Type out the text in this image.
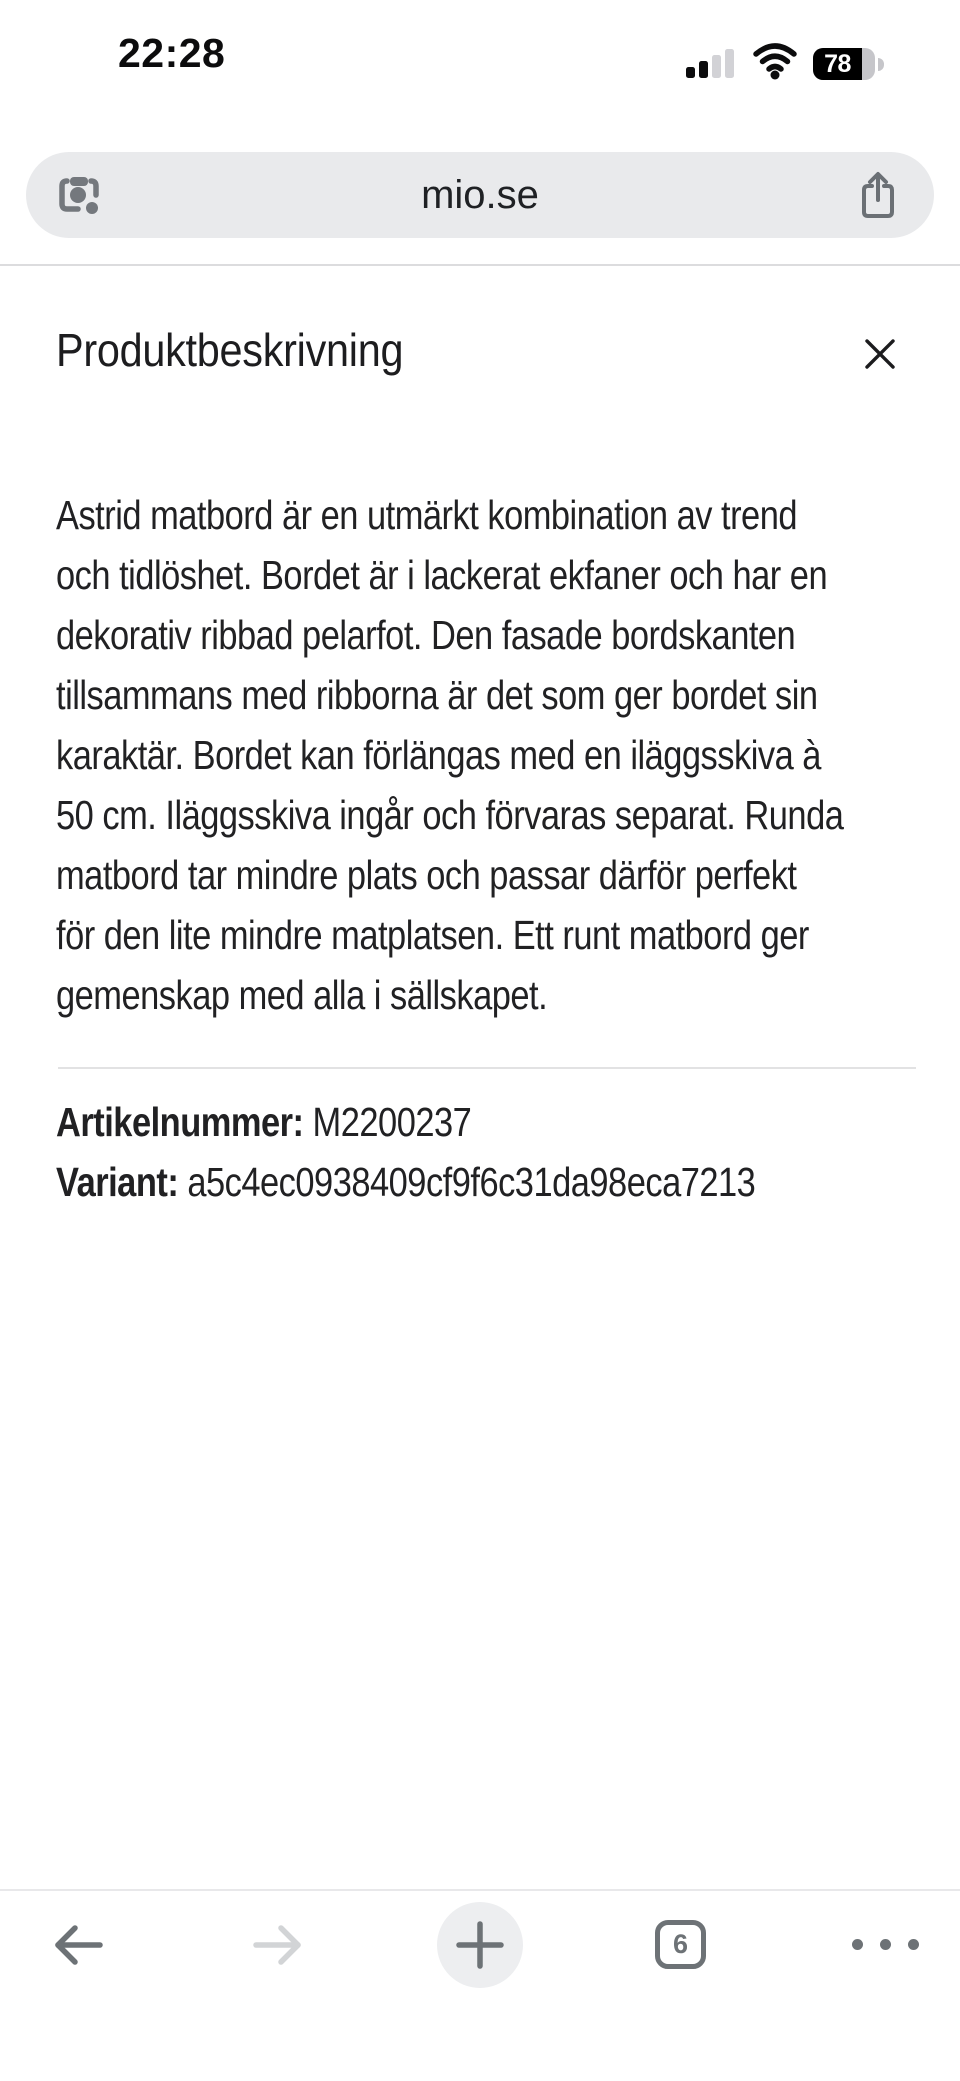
22:28	78
mio.se
Produktbeskrivning
Astrid matbord är en utmärkt kombination av trend
och tidlöshet. Bordet är i lackerat ekfaner och har en
dekorativ ribbad pelarfot. Den fasade bordskanten
tillsammans med ribborna är det som ger bordet sin
karaktär. Bordet kan förlängas med en iläggsskiva à
50 cm. Iläggsskiva ingår och förvaras separat. Runda
matbord tar mindre plats och passar därför perfekt
för den lite mindre matplatsen. Ett runt matbord ger
gemenskap med alla i sällskapet.
Artikelnummer: M2200237
Variant: a5c4ec0938409cf9f6c31da98eca7213
6
